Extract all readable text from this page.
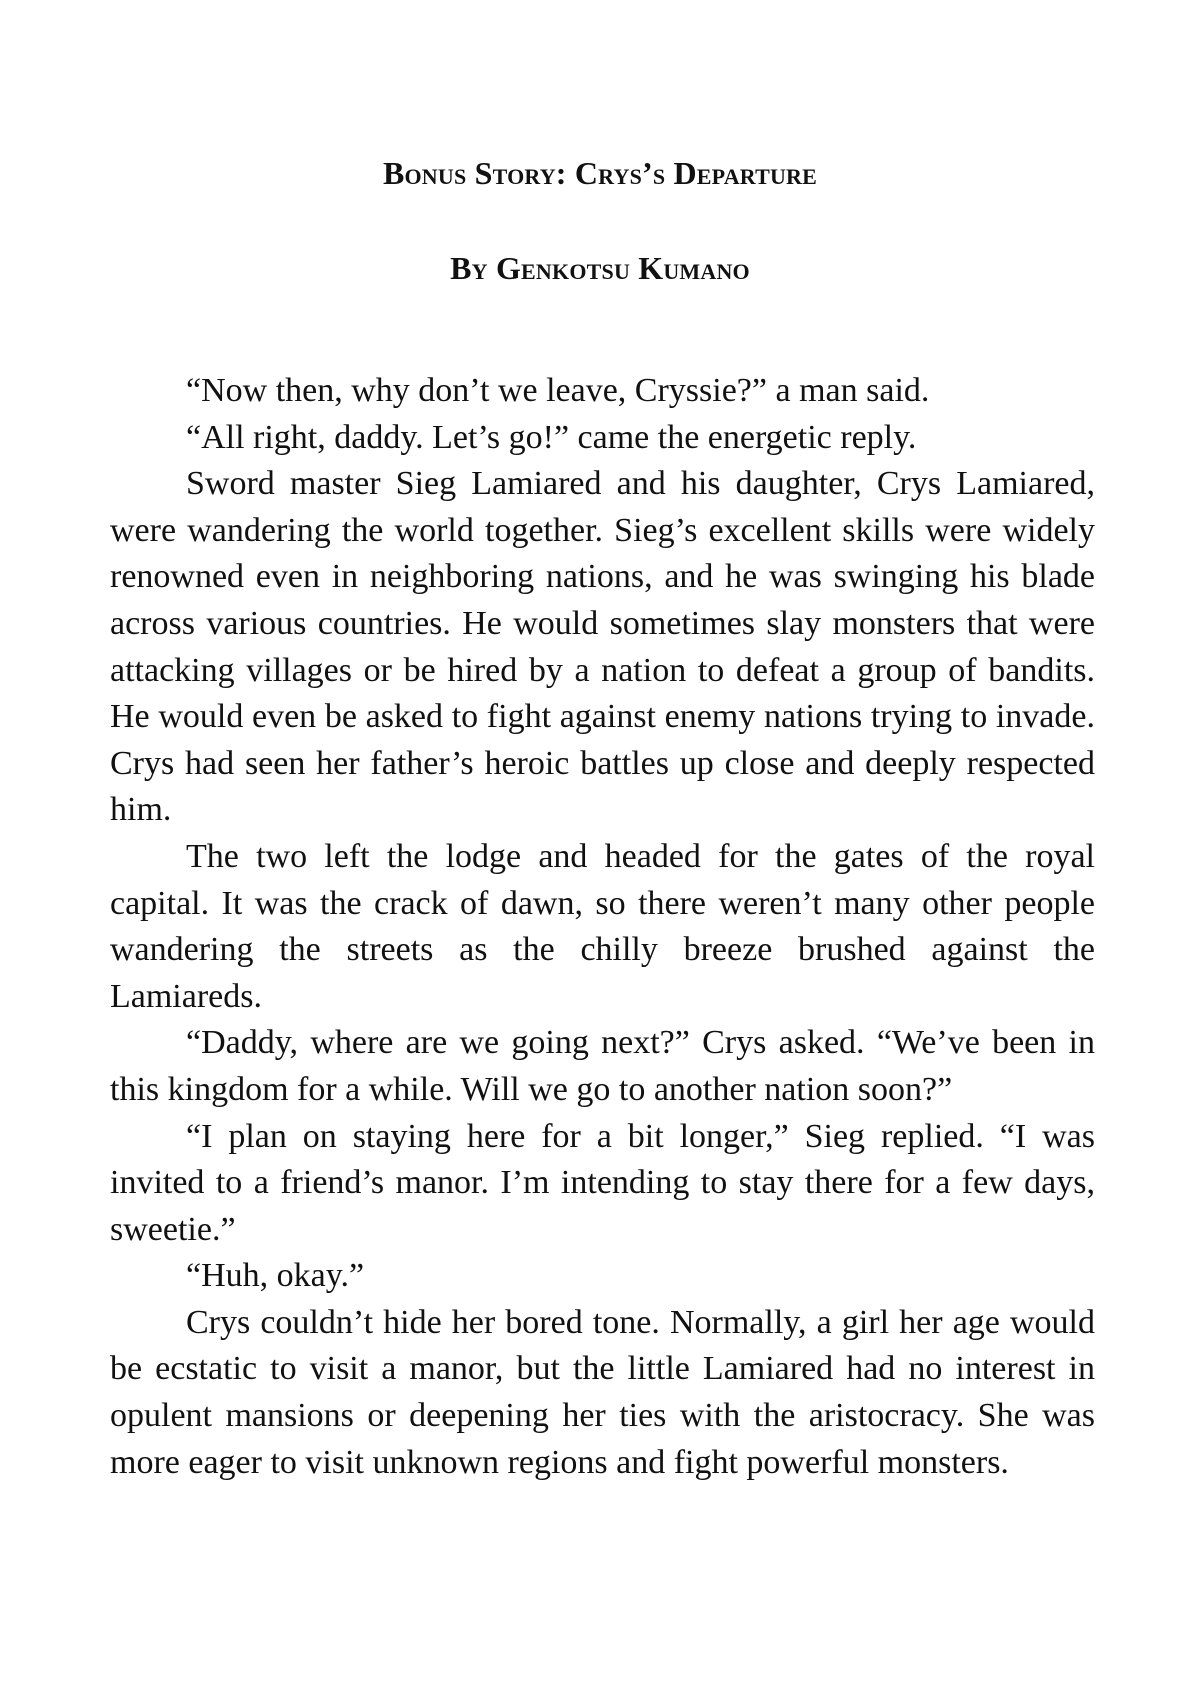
Bonus Story: Crys’s Departure
By Genkotsu Kumano

“Now then, why don’t we leave, Cryssie?” a man said.

“All right, daddy. Let’s go!” came the energetic reply.

Sword master Sieg Lamiared and his daughter, Crys Lamiared, were wandering the world together. Sieg’s excellent skills were widely renowned even in neighboring nations, and he was swinging his blade across various countries. He would sometimes slay monsters that were attacking villages or be hired by a nation to defeat a group of bandits. He would even be asked to fight against enemy nations trying to invade. Crys had seen her father’s heroic battles up close and deeply respected him.

The two left the lodge and headed for the gates of the royal capital. It was the crack of dawn, so there weren’t many other people wandering the streets as the chilly breeze brushed against the Lamiareds.

“Daddy, where are we going next?” Crys asked. “We’ve been in this kingdom for a while. Will we go to another nation soon?”

“I plan on staying here for a bit longer,” Sieg replied. “I was invited to a friend’s manor. I’m intending to stay there for a few days, sweetie.”

“Huh, okay.”

Crys couldn’t hide her bored tone. Normally, a girl her age would be ecstatic to visit a manor, but the little Lamiared had no interest in opulent mansions or deepening her ties with the aristocracy. She was more eager to visit unknown regions and fight powerful monsters.
